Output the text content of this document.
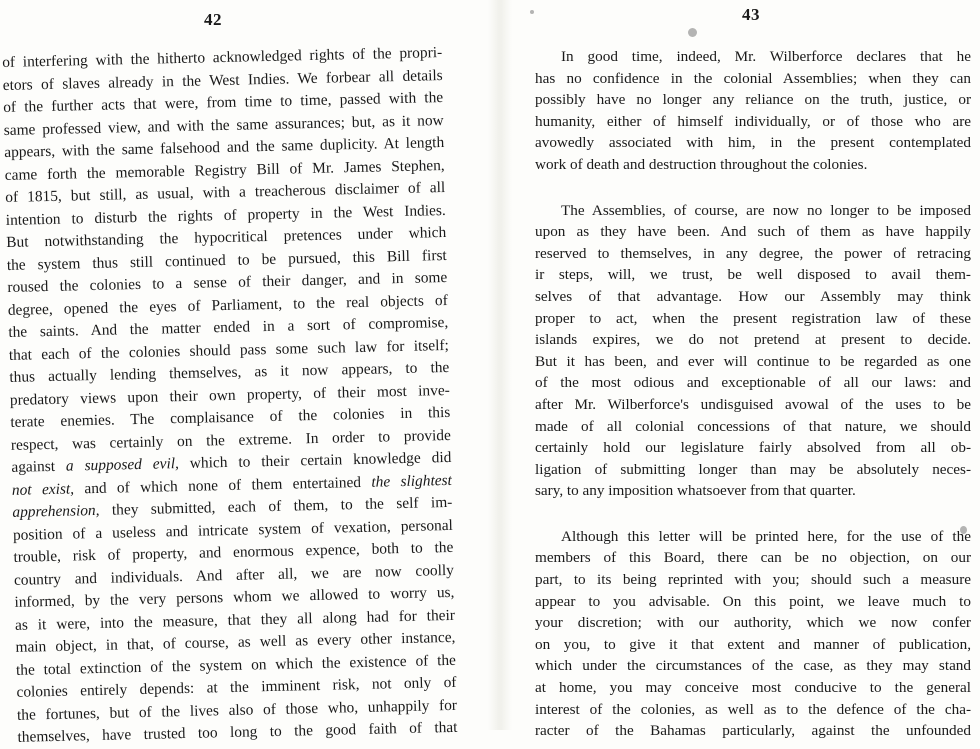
42
of interfering with the hitherto acknowledged rights of the propri-
etors of slaves already in the West Indies. We forbear all details
of the further acts that were, from time to time, passed with the
same professed view, and with the same assurances; but, as it now
appears, with the same falsehood and the same duplicity. At length
came forth the memorable Registry Bill of Mr. James Stephen,
of 1815, but still, as usual, with a treacherous disclaimer of all
intention to disturb the rights of property in the West Indies.
But notwithstanding the hypocritical pretences under which
the system thus still continued to be pursued, this Bill first
roused the colonies to a sense of their danger, and in some
degree, opened the eyes of Parliament, to the real objects of
the saints. And the matter ended in a sort of compromise,
that each of the colonies should pass some such law for itself;
thus actually lending themselves, as it now appears, to the
predatory views upon their own property, of their most inve-
terate enemies. The complaisance of the colonies in this
respect, was certainly on the extreme. In order to provide
against a supposed evil, which to their certain knowledge did
not exist, and of which none of them entertained the slightest
apprehension, they submitted, each of them, to the self im-
position of a useless and intricate system of vexation, personal
trouble, risk of property, and enormous expence, both to the
country and individuals. And after all, we are now coolly
informed, by the very persons whom we allowed to worry us,
as it were, into the measure, that they all along had for their
main object, in that, of course, as well as every other instance,
the total extinction of the system on which the existence of the
colonies entirely depends: at the imminent risk, not only of
the fortunes, but of the lives also of those who, unhappily for
themselves, have trusted too long to the good faith of that
43
In good time, indeed, Mr. Wilberforce declares that he
has no confidence in the colonial Assemblies; when they can
possibly have no longer any reliance on the truth, justice, or
humanity, either of himself individually, or of those who are
avowedly associated with him, in the present contemplated
work of death and destruction throughout the colonies.
The Assemblies, of course, are now no longer to be imposed
upon as they have been. And such of them as have happily
reserved to themselves, in any degree, the power of retracing
ir steps, will, we trust, be well disposed to avail them-
selves of that advantage. How our Assembly may think
proper to act, when the present registration law of these
islands expires, we do not pretend at present to decide.
But it has been, and ever will continue to be regarded as one
of the most odious and exceptionable of all our laws: and
after Mr. Wilberforce's undisguised avowal of the uses to be
made of all colonial concessions of that nature, we should
certainly hold our legislature fairly absolved from all ob-
ligation of submitting longer than may be absolutely neces-
sary, to any imposition whatsoever from that quarter.
Although this letter will be printed here, for the use of the
members of this Board, there can be no objection, on our
part, to its being reprinted with you; should such a measure
appear to you advisable. On this point, we leave much to
your discretion; with our authority, which we now confer
on you, to give it that extent and manner of publication,
which under the circumstances of the case, as they may stand
at home, you may conceive most conducive to the general
interest of the colonies, as well as to the defence of the cha-
racter of the Bahamas particularly, against the unfounded
